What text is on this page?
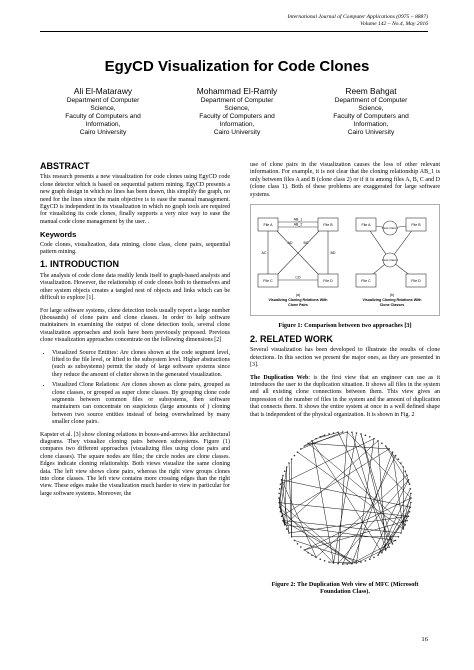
International Journal of Computer Applications (0975 – 8887)
Volume 142 – No.4, May 2016
EgyCD Visualization for Code Clones
Ali El-Matarawy
Department of Computer
Science,
Faculty of Computers and
Information,
Cairo University
Mohammad El-Ramly
Department of Computer
Science,
Faculty of Computers and
Information,
Cairo University
Reem Bahgat
Department of Computer
Science,
Faculty of Computers and
Information,
Cairo University
ABSTRACT

This research presents a new visualization for code clones using EgyCD code clone detector which is based on sequential pattern mining. EgyCD presents a new graph design in which no lines has been drawn, this simplify the graph, no need for the lines since the main objective is to ease the manual management. EgyCD is independent in its visualization in which no graph tools are required for visualizing its code clones, finally supports a very nice way to ease the manual code clone management by the user. .

Keywords

Code clones, visualization, data mining, clone class, clone pairs, sequential pattern mining.

1. INTRODUCTION

The analysis of code clone data readily lends itself to graph-based analysis and visualization. However, the relationship of code clones both to themselves and other system objects creates a tangled nest of objects and links which can be difficult to explore [1].

For large software systems, clone detection tools usually report a large number (thousands) of clone pairs and clone classes. In order to help software maintainers in examining the output of clone detection tools, several clone visualization approaches and tools have been previously proposed. Previous clone visualization approaches concentrate on the following dimensions [2]

• Visualized Source Entities: Are clones shown at the code segment level, lifted to the file level, or lifted to the subsystem level. Higher abstractions (such as subsystems) permit the study of large software systems since they reduce the amount of clutter shown in the generated visualization.
• Visualized Clone Relations: Are clones shown as clone pairs, grouped as clone classes, or grouped as super clone classes. By grouping clone code segments between common files or subsystems, then software maintainers can concentrate on suspicious (large amounts of ) cloning between two source entities instead of being overwhelmed by many smaller clone pairs.

Kapster et al. [3] show cloning relations in boxes-and-arrows like architectural diagrams. They visualize cloning pairs between subsystems. Figure (1) compares two different approaches (visualizing files using clone pairs and clone classes). The square nodes are files; the circle nodes are clone classes. Edges indicate cloning relationship. Both views visualize the same cloning data. The left view shows clone pairs, whereas the right view groups clones into clone classes. The left view contains more crossing edges than the right view. These edges make the visualization much harder to view in particular for large software systems. Moreover, the

use of clone pairs in the visualization causes the loss of other relevant information. For example, it is not clear that the cloning relationship AB_1 is only between files A and B (clone class 2) or if it is among files A, B, C and D (clone class 1). Both of these problems are exaggerated for large software systems.

File A	File B
File C	File D
AB_1
AB_2
AD	BC
AC	BD
CD
(a)
Visualizing Cloning Relations With
Clone Pairs
File A	File B
File C	File D
Clone Class 1
Clone Class 2
(b)
Visualizing Cloning Relations With
Clone Classes
Figure 1: Comparison between two approaches [3]
2. RELATED WORK

Several visualization has been developed to illustrate the results of clone detections. In this section we present the major ones, as they are presented in [3].

The Duplication Web: is the first view that an engineer can use as it introduces the user to the duplication situation. It shows all files in the system and all existing clone connections between them. This view gives an impression of the number of files in the system and the amount of duplication that connects them. It shows the entire system at once in a well defined shape that is independent of the physical organization. It is shown in Fig. 2

Figure 2: The Duplication Web view of MFC (Microsoft
Foundation Class).
16
